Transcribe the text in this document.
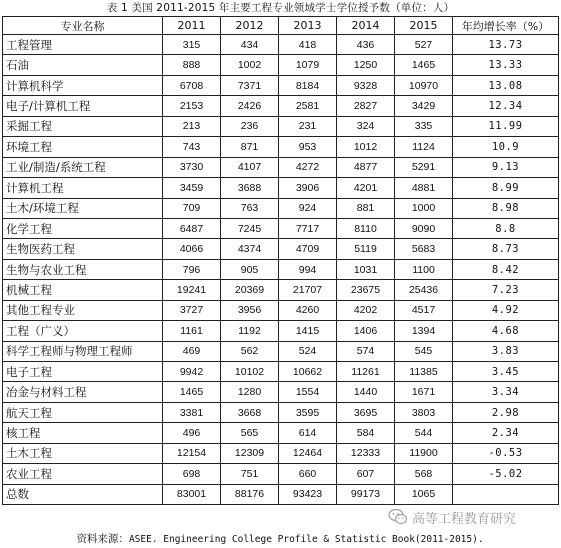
表 1 美国 2011-2015 年主要工程专业领域学士学位授予数（单位：人）
专业名称	2011	2012	2013	2014	2015	年均增长率（%）
工程管理	315	434	418	436	527	13.73
石油	888	1002	1079	1250	1465	13.33
计算机科学	6708	7371	8184	9328	10970	13.08
电子/计算机工程	2153	2426	2581	2827	3429	12.34
采掘工程	213	236	231	324	335	11.99
环境工程	743	871	953	1012	1124	10.9
工业/制造/系统工程	3730	4107	4272	4877	5291	9.13
计算机工程	3459	3688	3906	4201	4881	8.99
土木/环境工程	709	763	924	881	1000	8.98
化学工程	6487	7245	7717	8110	9090	8.8
生物医药工程	4066	4374	4709	5119	5683	8.73
生物与农业工程	796	905	994	1031	1100	8.42
机械工程	19241	20369	21707	23675	25436	7.23
其他工程专业	3727	3956	4260	4202	4517	4.92
工程（广义）	1161	1192	1415	1406	1394	4.68
科学工程师与物理工程师	469	562	524	574	545	3.83
电子工程	9942	10102	10662	11261	11385	3.45
冶金与材料工程	1465	1280	1554	1440	1671	3.34
航天工程	3381	3668	3595	3695	3803	2.98
核工程	496	565	614	584	544	2.34
土木工程	12154	12309	12464	12333	11900	-0.53
农业工程	698	751	660	607	568	-5.02
总数	83001	88176	93423	99173	1065	
资料来源：ASEE. Engineering College Profile & Statistic Book(2011-2015).
高等工程教育研究
